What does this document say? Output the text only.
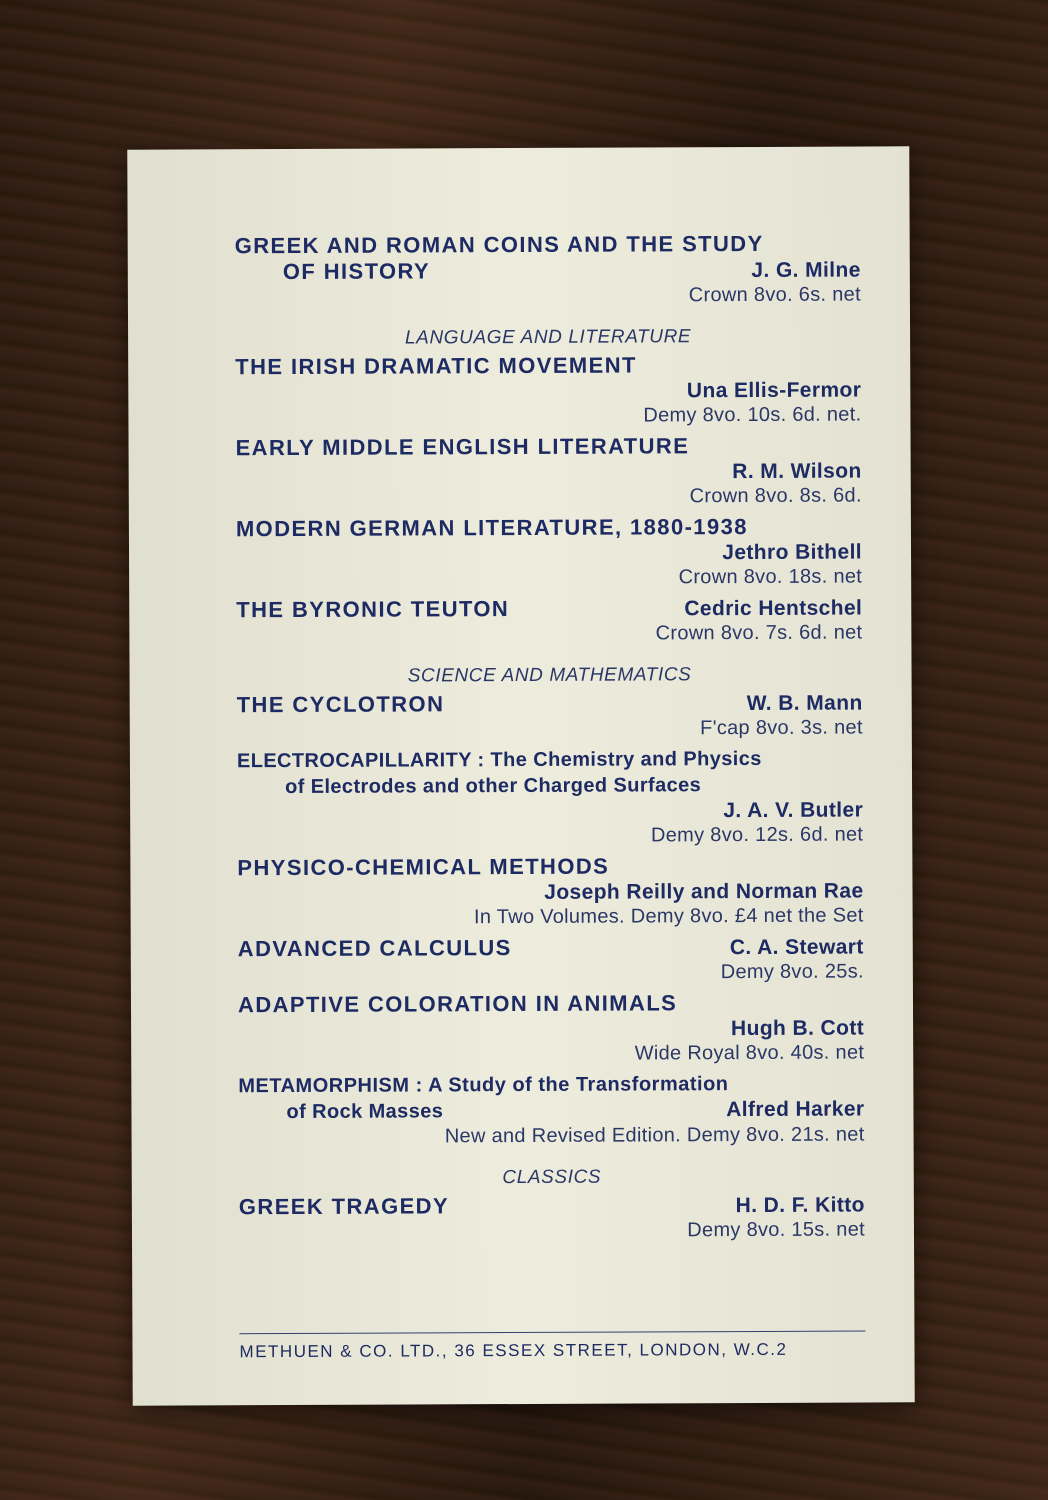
GREEK AND ROMAN COINS AND THE STUDY
OF HISTORY	J. G. Milne
Crown 8vo. 6s. net
LANGUAGE AND LITERATURE
THE IRISH DRAMATIC MOVEMENT
Una Ellis-Fermor
Demy 8vo. 10s. 6d. net.
EARLY MIDDLE ENGLISH LITERATURE
R. M. Wilson
Crown 8vo. 8s. 6d.
MODERN GERMAN LITERATURE, 1880-1938
Jethro Bithell
Crown 8vo. 18s. net
THE BYRONIC TEUTON	Cedric Hentschel
Crown 8vo. 7s. 6d. net
SCIENCE AND MATHEMATICS
THE CYCLOTRON	W. B. Mann
F'cap 8vo. 3s. net
ELECTROCAPILLARITY : The Chemistry and Physics
of Electrodes and other Charged Surfaces
J. A. V. Butler
Demy 8vo. 12s. 6d. net
PHYSICO-CHEMICAL METHODS
Joseph Reilly and Norman Rae
In Two Volumes. Demy 8vo. £4 net the Set
ADVANCED CALCULUS	C. A. Stewart
Demy 8vo. 25s.
ADAPTIVE COLORATION IN ANIMALS
Hugh B. Cott
Wide Royal 8vo. 40s. net
METAMORPHISM : A Study of the Transformation
of Rock Masses	Alfred Harker
New and Revised Edition. Demy 8vo. 21s. net
CLASSICS
GREEK TRAGEDY	H. D. F. Kitto
Demy 8vo. 15s. net
METHUEN & CO. LTD., 36 ESSEX STREET, LONDON, W.C.2
